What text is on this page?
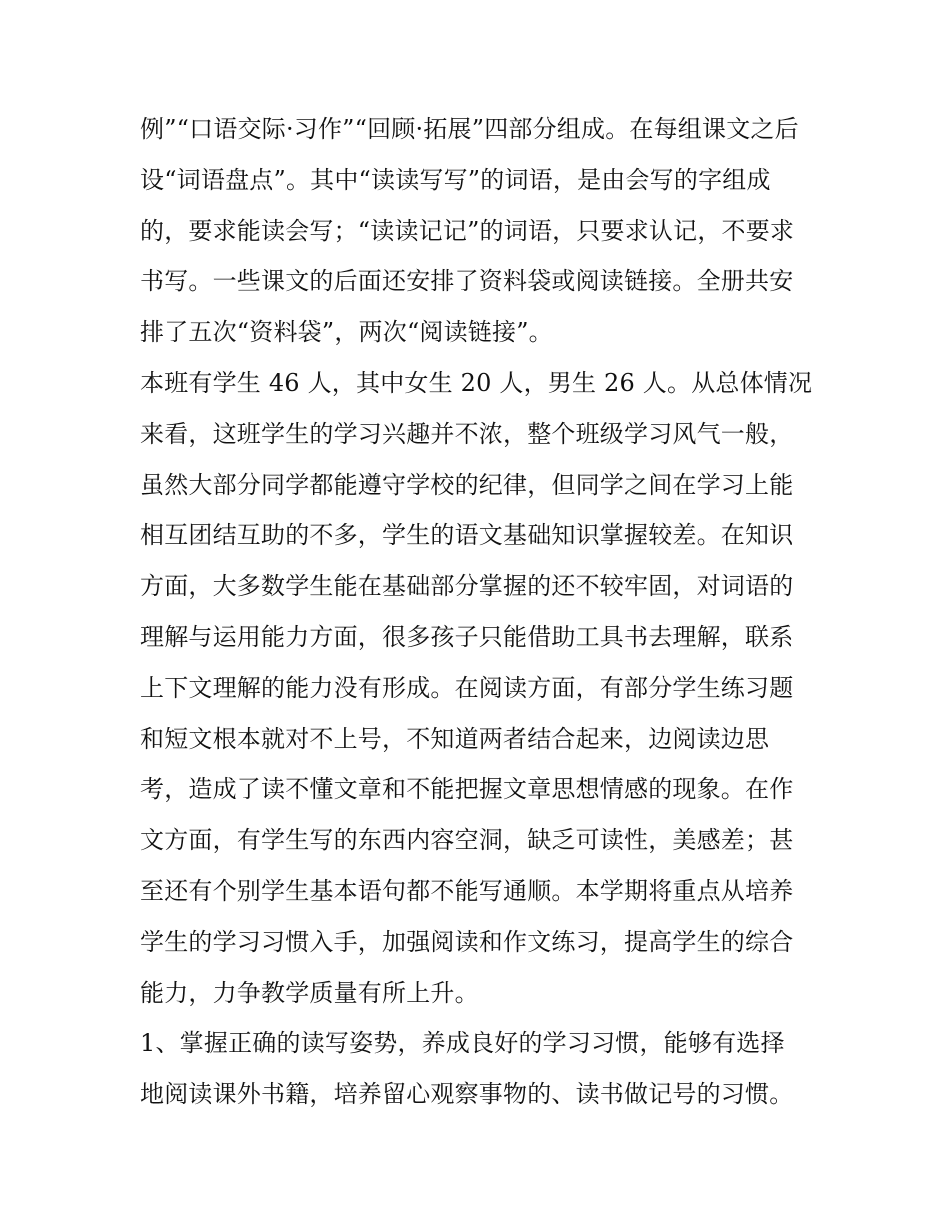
例”“口语交际·习作”“回顾·拓展”四部分组成。在每组课文之后
设“词语盘点”。其中“读读写写”的词语，是由会写的字组成
的，要求能读会写；“读读记记”的词语，只要求认记，不要求
书写。一些课文的后面还安排了资料袋或阅读链接。全册共安
排了五次“资料袋”，两次“阅读链接”。
本班有学生 46 人，其中女生 20 人，男生 26 人。从总体情况
来看，这班学生的学习兴趣并不浓，整个班级学习风气一般，
虽然大部分同学都能遵守学校的纪律，但同学之间在学习上能
相互团结互助的不多，学生的语文基础知识掌握较差。在知识
方面，大多数学生能在基础部分掌握的还不较牢固，对词语的
理解与运用能力方面，很多孩子只能借助工具书去理解，联系
上下文理解的能力没有形成。在阅读方面，有部分学生练习题
和短文根本就对不上号，不知道两者结合起来，边阅读边思
考，造成了读不懂文章和不能把握文章思想情感的现象。在作
文方面，有学生写的东西内容空洞，缺乏可读性，美感差；甚
至还有个别学生基本语句都不能写通顺。本学期将重点从培养
学生的学习习惯入手，加强阅读和作文练习，提高学生的综合
能力，力争教学质量有所上升。
1、掌握正确的读写姿势，养成良好的学习习惯，能够有选择
地阅读课外书籍，培养留心观察事物的、读书做记号的习惯。
